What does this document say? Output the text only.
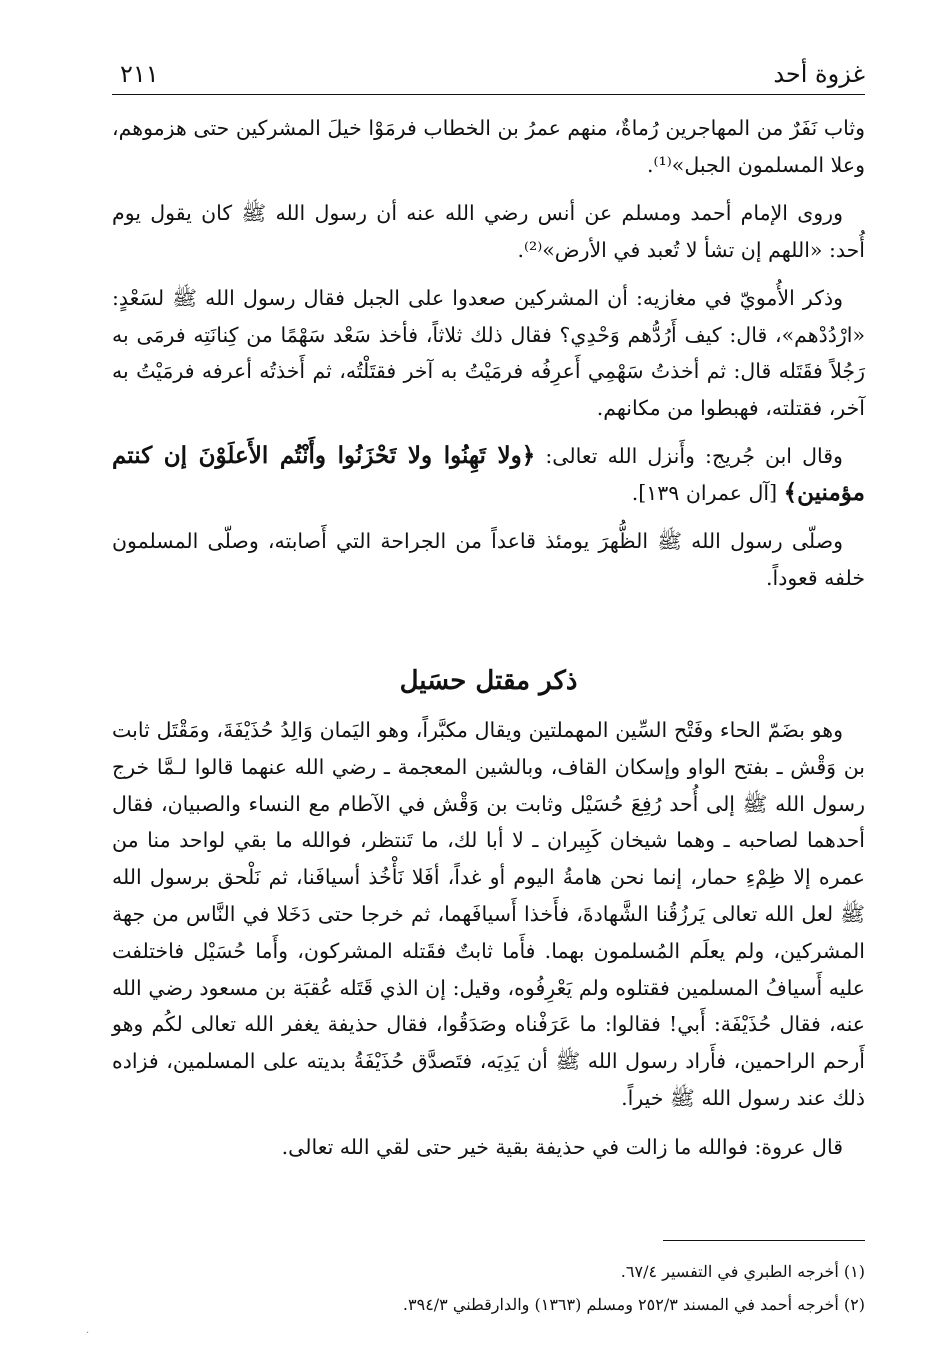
٢١١	غزوة أحد

وثاب نَفَرٌ من المهاجرين رُماةٌ، منهم عمرُ بن الخطاب فرمَوْا خيلَ المشركين حتى هزموهم، وعلا المسلمون الجبل»⁽¹⁾.

وروى الإمام أحمد ومسلم عن أنس رضي الله عنه أن رسول الله ﷺ كان يقول يوم أُحد: «اللهم إن تشأ لا تُعبد في الأرض»⁽²⁾.

وذكر الأُمويّ في مغازيه: أن المشركين صعدوا على الجبل فقال رسول الله ﷺ لسَعْدٍ: «ارْدُدْهم»، قال: كيف أَرُدُّهم وَحْدِي؟ فقال ذلك ثلاثاً، فأخذ سَعْد سَهْمًا من كِنانَتِه فرمَى به رَجُلاً فقَتَله قال: ثم أخذتُ سَهْمِي أَعرِفُه فرمَيْتُ به آخر فقتَلْتُه، ثم أَخذتُه أعرفه فرمَيْتُ به آخر، فقتلته، فهبطوا من مكانهم.

وقال ابن جُريج: وأَنزل الله تعالى: ﴿ولا تَهِنُوا ولا تَحْزَنُوا وأَنْتُم الأَعلَوْنَ إن كنتم مؤمنين﴾ [آل عمران ١٣٩].

وصلّى رسول الله ﷺ الظُّهرَ يومئذ قاعداً من الجراحة التي أَصابته، وصلّى المسلمون خلفه قعوداً.

ذكر مقتل حسَيل

وهو بضَمّ الحاء وفَتْح السِّين المهملتين ويقال مكبَّراً، وهو اليَمان وَالِدُ حُذَيْفَةَ، ومَقْتَل ثابت بن وَقْش ـ بفتح الواو وإسكان القاف، وبالشين المعجمة ـ رضي الله عنهما قالوا لـمَّا خرج رسول الله ﷺ إلى أُحد رُفِعَ حُسَيْل وثابت بن وَقْش في الآطام مع النساء والصبيان، فقال أحدهما لصاحبه ـ وهما شيخان كَبِيران ـ لا أبا لك، ما تَنتظر، فوالله ما بقي لواحد منا من عمره إلا ظِمْءِ حمار، إنما نحن هامةُ اليوم أو غداً، أفَلا نَأْخُذ أسيافَنا، ثم نَلْحق برسول الله ﷺ لعل الله تعالى يَرزُقُنا الشَّهادةَ، فأَخذا أَسيافَهما، ثم خرجا حتى دَخَلا في النَّاس من جهة المشركين، ولم يعلَم المُسلمون بهما. فأَما ثابتٌ فقَتله المشركون، وأَما حُسَيْل فاختلفت عليه أَسيافُ المسلمين فقتلوه ولم يَعْرِفُوه، وقيل: إن الذي قَتَله عُقبَة بن مسعود رضي الله عنه، فقال حُذَيْفَة: أَبي! فقالوا: ما عَرَفْناه وصَدَقُوا، فقال حذيفة يغفر الله تعالى لكُم وهو أَرحم الراحمين، فأَراد رسول الله ﷺ أن يَدِيَه، فتَصدَّق حُذَيْفَةُ بديته على المسلمين، فزاده ذلك عند رسول الله ﷺ خيراً.

قال عروة: فوالله ما زالت في حذيفة بقية خير حتى لقي الله تعالى.

(١) أخرجه الطبري في التفسير ٦٧/٤.
(٢) أخرجه أحمد في المسند ٢٥٢/٣ ومسلم (١٣٦٣) والدارقطني ٣٩٤/٣.
·
